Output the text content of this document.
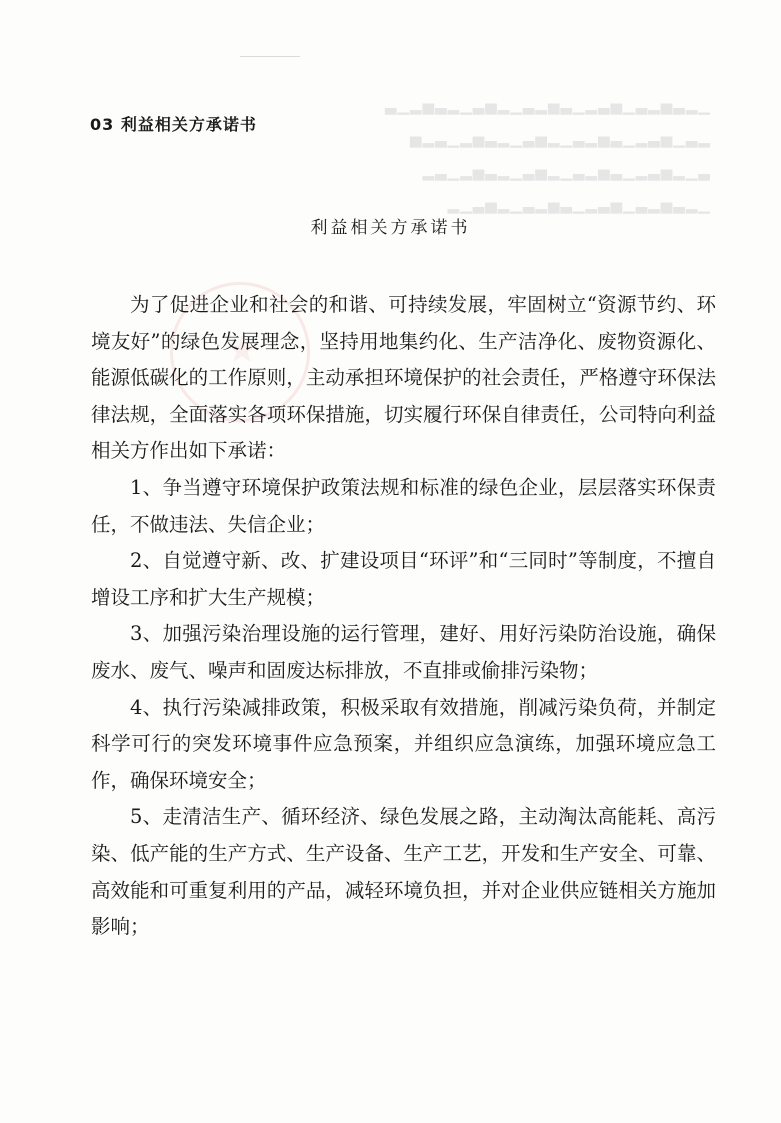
▁▂▃▅▂▃▁▅▃▂▁▃▅▂▃▁▂▅▃▁▂▃▅▂▁▃
▂▃▁▅▃▂▁▃▅▂▃▁▂▅▃▁▂▃▅▂▁▃▂▅
▃▁▂▅▃▂▁▃▅▂▃▁▂▅▃▁▂▃▅▂▁▃▂
▁▂▃▅▂▃▁▅▃▂▁▃▅▂▃▁▂▅▃▁▂
03 利益相关方承诺书
利益相关方承诺书

为了促进企业和社会的和谐、可持续发展，牢固树立“资源节约、环境友好”的绿色发展理念，坚持用地集约化、生产洁净化、废物资源化、能源低碳化的工作原则，主动承担环境保护的社会责任，严格遵守环保法律法规，全面落实各项环保措施，切实履行环保自律责任，公司特向利益相关方作出如下承诺：

1、争当遵守环境保护政策法规和标准的绿色企业，层层落实环保责任，不做违法、失信企业；

2、自觉遵守新、改、扩建设项目“环评”和“三同时”等制度，不擅自增设工序和扩大生产规模；

3、加强污染治理设施的运行管理，建好、用好污染防治设施，确保废水、废气、噪声和固废达标排放，不直排或偷排污染物；

4、执行污染减排政策，积极采取有效措施，削减污染负荷，并制定科学可行的突发环境事件应急预案，并组织应急演练，加强环境应急工作，确保环境安全；

5、走清洁生产、循环经济、绿色发展之路，主动淘汰高能耗、高污染、低产能的生产方式、生产设备、生产工艺，开发和生产安全、可靠、高效能和可重复利用的产品，减轻环境负担，并对企业供应链相关方施加影响；
